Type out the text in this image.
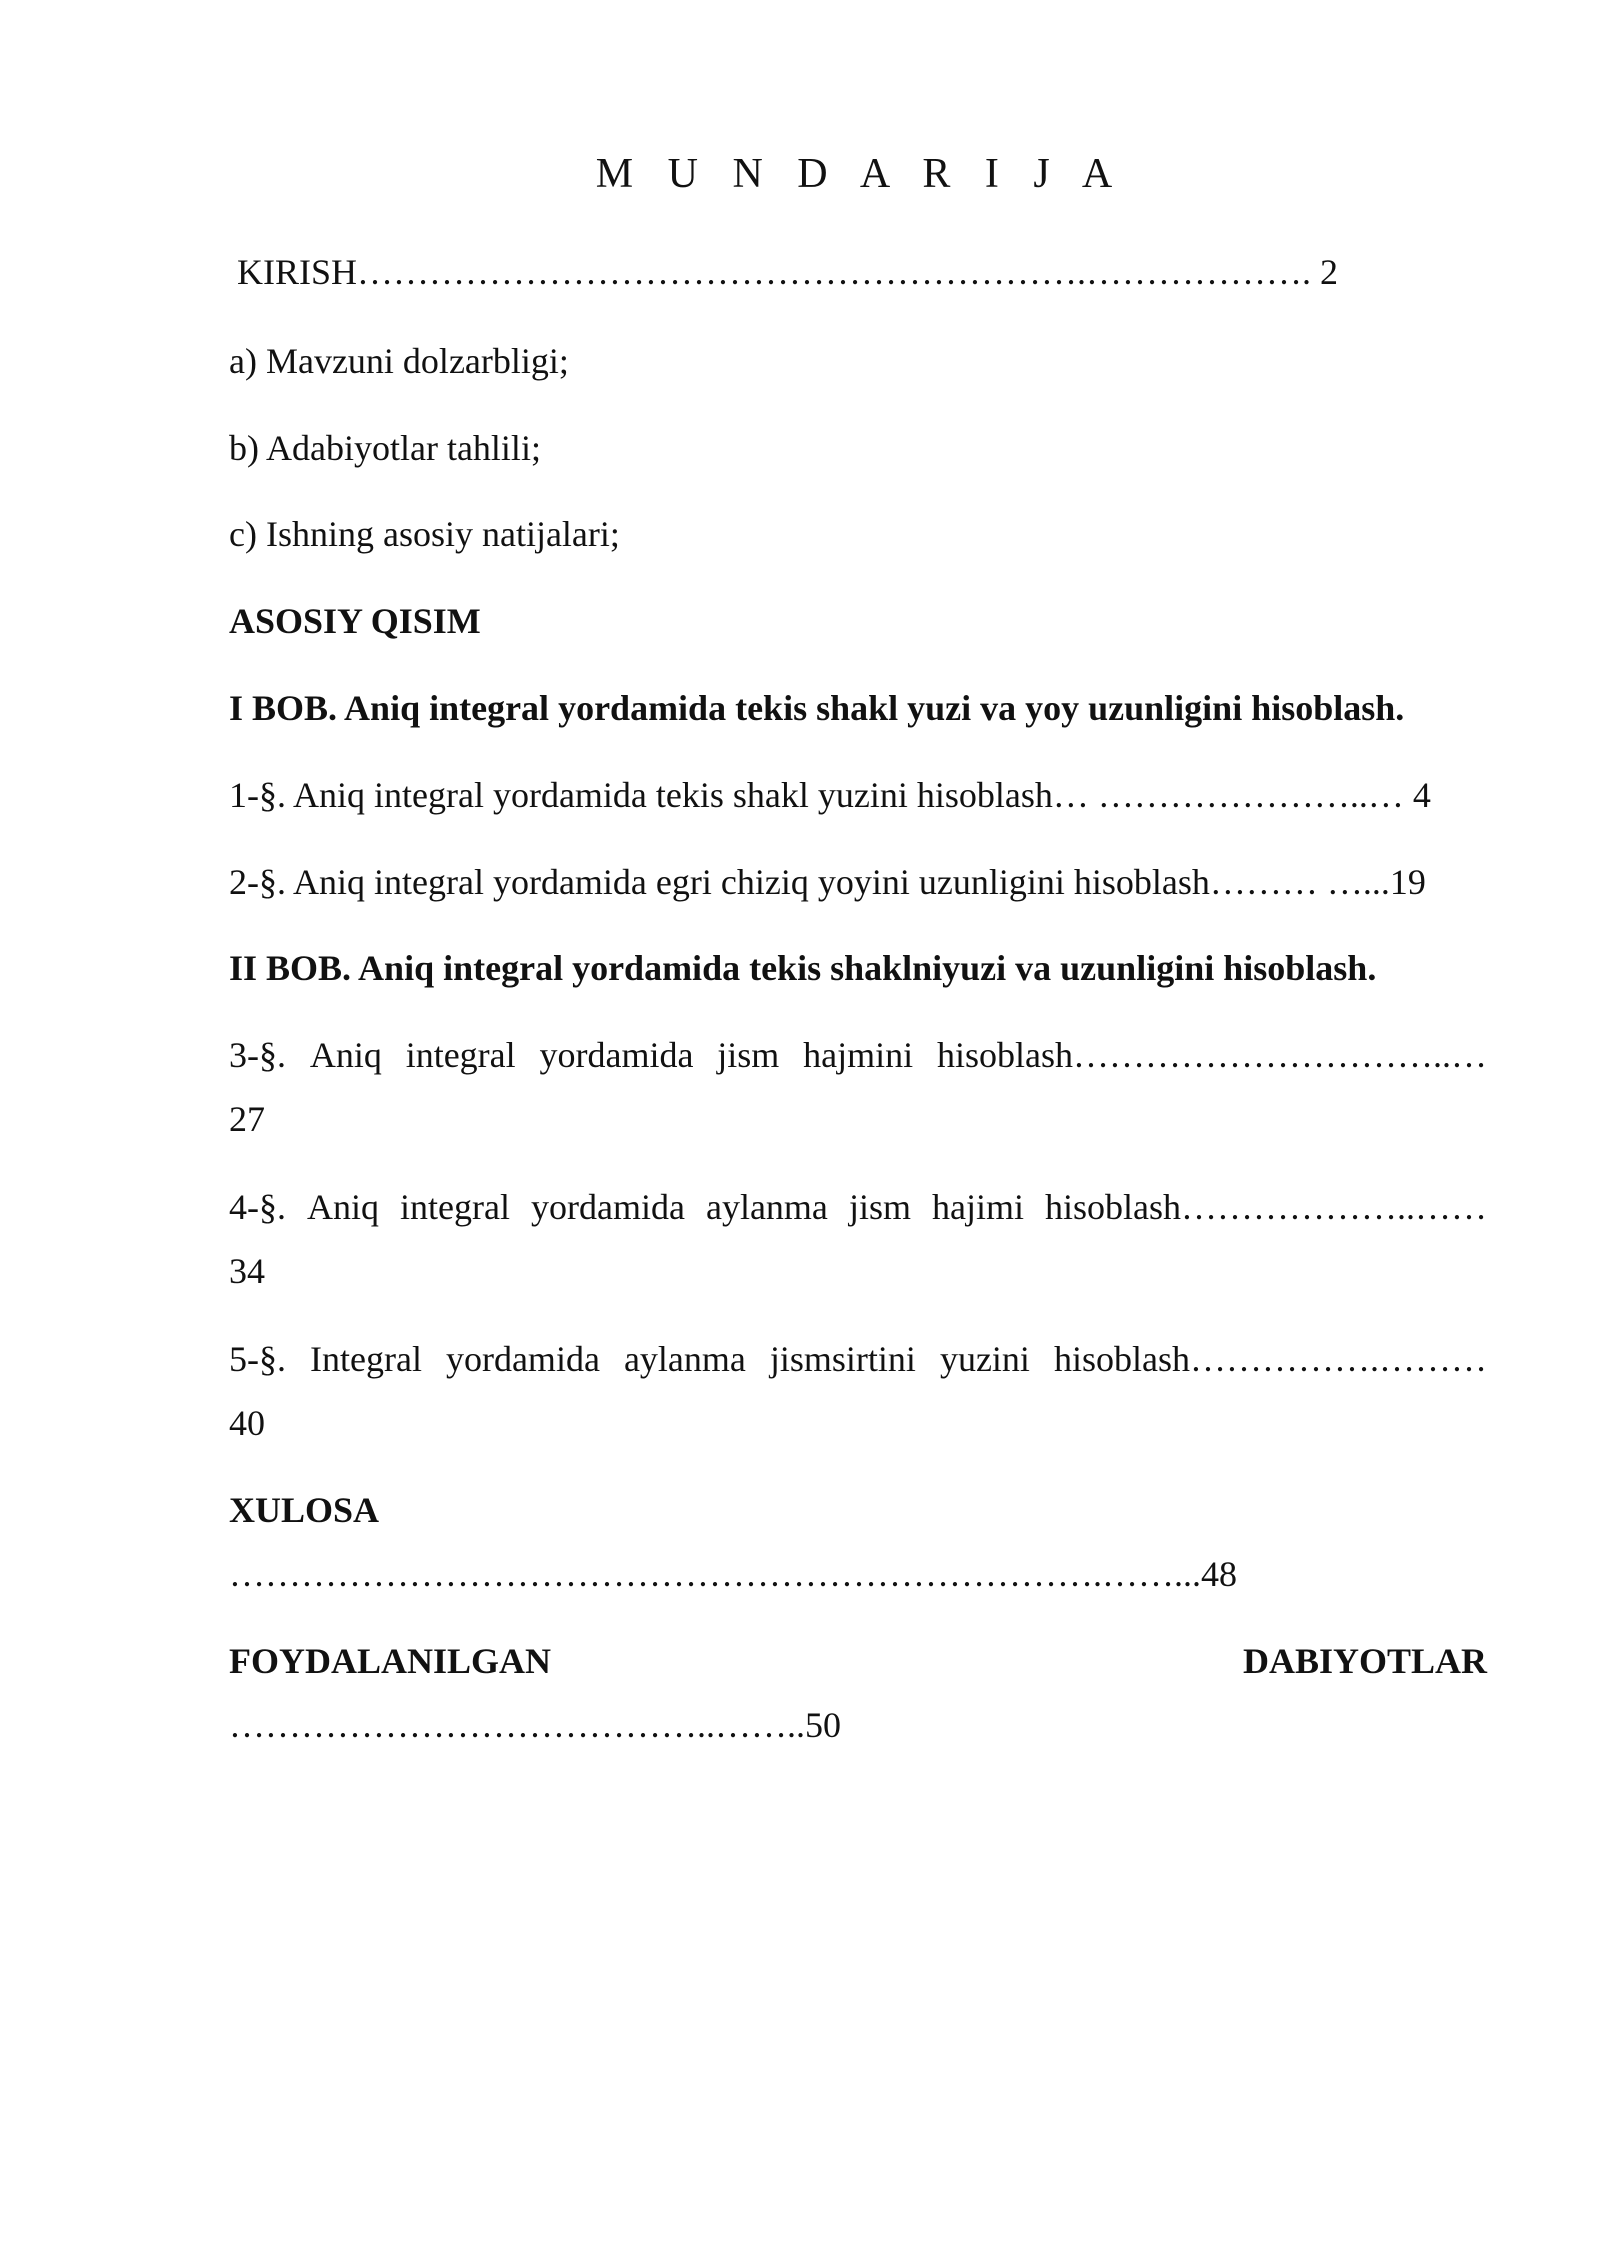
M U N D A R I J A
KIRISH…………………………………………………….………………. 2
a) Mavzuni dolzarbligi;
b) Adabiyotlar tahlili;
c) Ishning asosiy natijalari;
ASOSIY QISIM
I BOB. Aniq integral yordamida tekis shakl yuzi va yoy uzunligini hisoblash.
1-§. Aniq integral yordamida tekis shakl yuzini hisoblash… …………………..… 4
2-§. Aniq integral yordamida egri chiziq yoyini uzunligini hisoblash……… …...19
II BOB. Aniq integral yordamida tekis shaklniyuzi va uzunligini hisoblash.
3-§. Aniq integral yordamida jism hajmini hisoblash…………………………..…
27
4-§. Aniq integral yordamida aylanma jism hajimi hisoblash………………..……
34
5-§. Integral yordamida aylanma jismsirtini yuzini hisoblash…………….………
40
XULOSA
……………………………………………………………….……...48
FOYDALANILGAN	DABIYOTLAR
…………………………………..……..50
